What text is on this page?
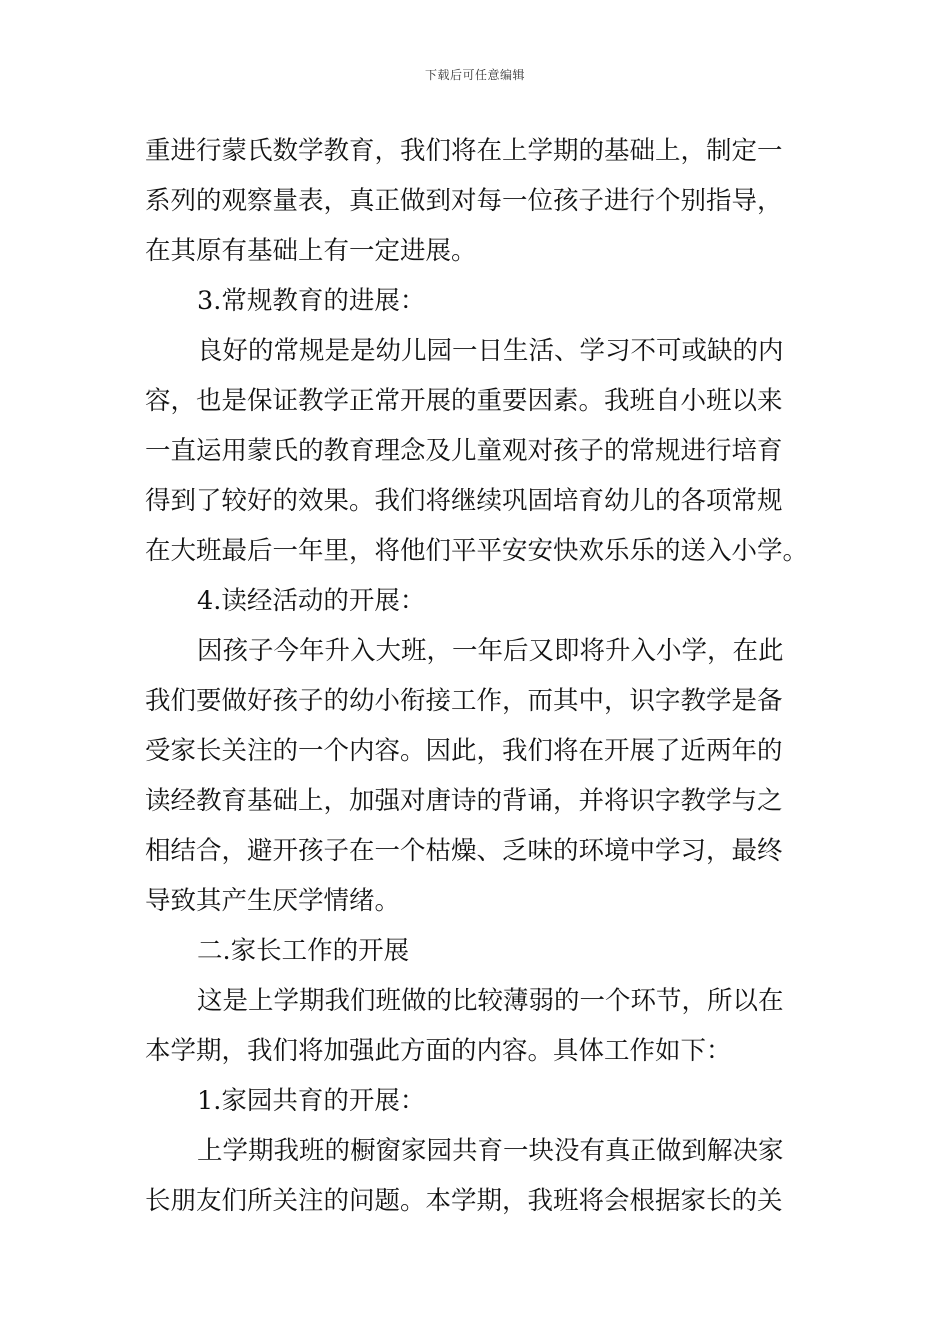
下载后可任意编辑
重进行蒙氏数学教育，我们将在上学期的基础上，制定一
系列的观察量表，真正做到对每一位孩子进行个别指导，
在其原有基础上有一定进展。
3.常规教育的进展：
良好的常规是是幼儿园一日生活、学习不可或缺的内
容，也是保证教学正常开展的重要因素。我班自小班以来
一直运用蒙氏的教育理念及儿童观对孩子的常规进行培育
得到了较好的效果。我们将继续巩固培育幼儿的各项常规
在大班最后一年里，将他们平平安安快欢乐乐的送入小学。
4.读经活动的开展：
因孩子今年升入大班，一年后又即将升入小学，在此
我们要做好孩子的幼小衔接工作，而其中，识字教学是备
受家长关注的一个内容。因此，我们将在开展了近两年的
读经教育基础上，加强对唐诗的背诵，并将识字教学与之
相结合，避开孩子在一个枯燥、乏味的环境中学习，最终
导致其产生厌学情绪。
二.家长工作的开展
这是上学期我们班做的比较薄弱的一个环节，所以在
本学期，我们将加强此方面的内容。具体工作如下：
1.家园共育的开展：
上学期我班的橱窗家园共育一块没有真正做到解决家
长朋友们所关注的问题。本学期，我班将会根据家长的关
